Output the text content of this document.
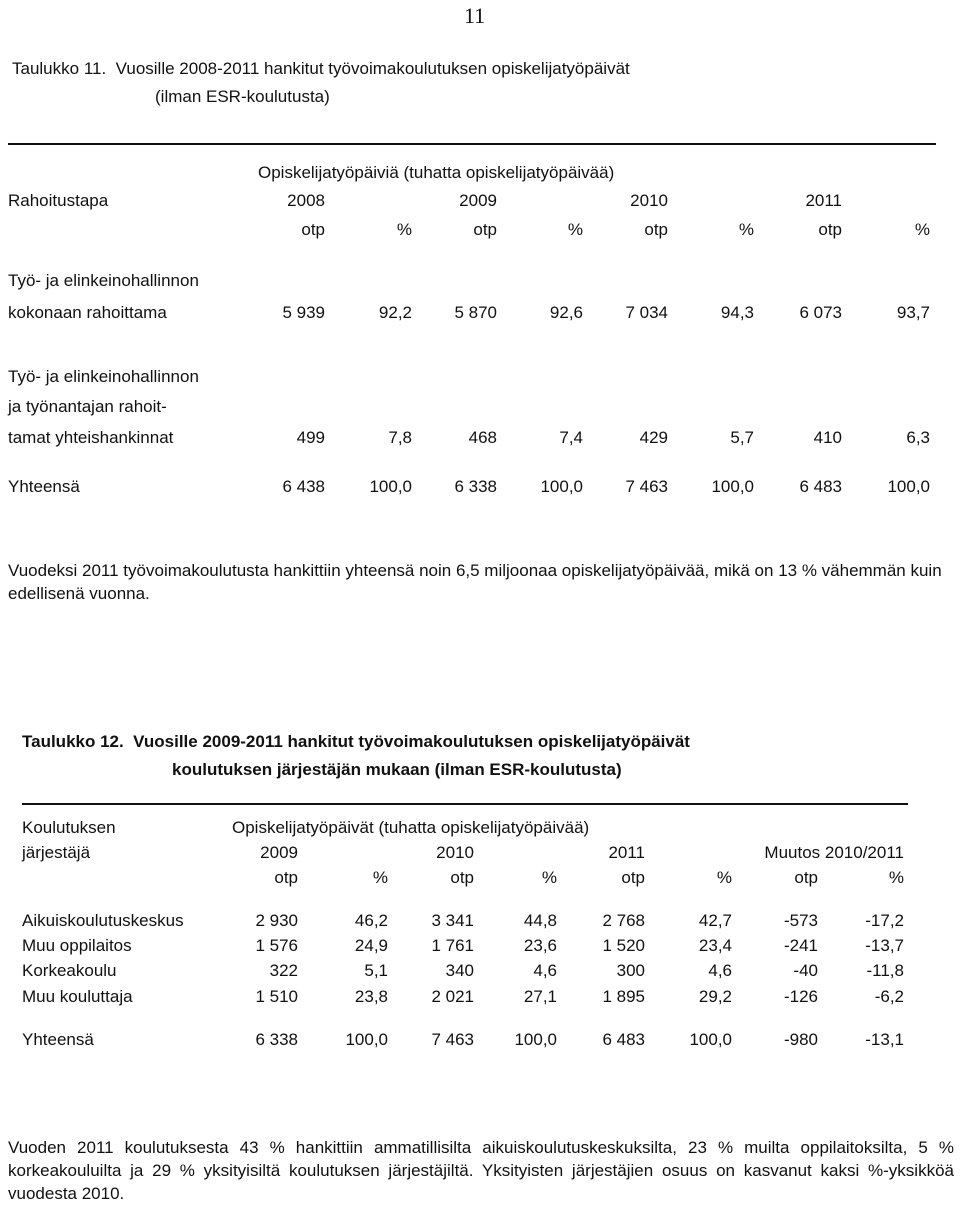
11
Taulukko 11. Vuosille 2008-2011 hankitut työvoimakoulutuksen opiskelijatyöpäivät
(ilman ESR-koulutusta)
Opiskelijatyöpäiviä (tuhatta opiskelijatyöpäivää)
Rahoitustapa	2008	2009	2010	2011
otp	%	otp	%	otp	%	otp	%
Työ- ja elinkeinohallinnon
kokonaan rahoittama	5 939	92,2	5 870	92,6	7 034	94,3	6 073	93,7
Työ- ja elinkeinohallinnon
ja työnantajan rahoit-
tamat yhteishankinnat	499	7,8	468	7,4	429	5,7	410	6,3
Yhteensä	6 438	100,0	6 338	100,0	7 463	100,0	6 483	100,0
Vuodeksi 2011 työvoimakoulutusta hankittiin yhteensä noin 6,5 miljoonaa opiskelijatyöpäivää, mikä on 13 % vähemmän kuin edellisenä vuonna.
Taulukko 12. Vuosille 2009-2011 hankitut työvoimakoulutuksen opiskelijatyöpäivät
koulutuksen järjestäjän mukaan (ilman ESR-koulutusta)
Koulutuksen
järjestäjä
Opiskelijatyöpäivät (tuhatta opiskelijatyöpäivää)
2009	2010	2011	Muutos 2010/2011
otp	%	otp	%	otp	%	otp	%
Aikuiskoulutuskeskus	2 930	46,2	3 341	44,8	2 768	42,7	-573	-17,2
Muu oppilaitos	1 576	24,9	1 761	23,6	1 520	23,4	-241	-13,7
Korkeakoulu	322	5,1	340	4,6	300	4,6	-40	-11,8
Muu kouluttaja	1 510	23,8	2 021	27,1	1 895	29,2	-126	-6,2
Yhteensä	6 338	100,0	7 463	100,0	6 483	100,0	-980	-13,1
Vuoden 2011 koulutuksesta 43 % hankittiin ammatillisilta aikuiskoulutuskeskuksilta, 23 % muilta oppilaitoksilta, 5 % korkeakouluilta ja 29 % yksityisiltä koulutuksen järjestäjiltä. Yksityisten järjestäjien osuus on kasvanut kaksi %-yksikköä vuodesta 2010.
